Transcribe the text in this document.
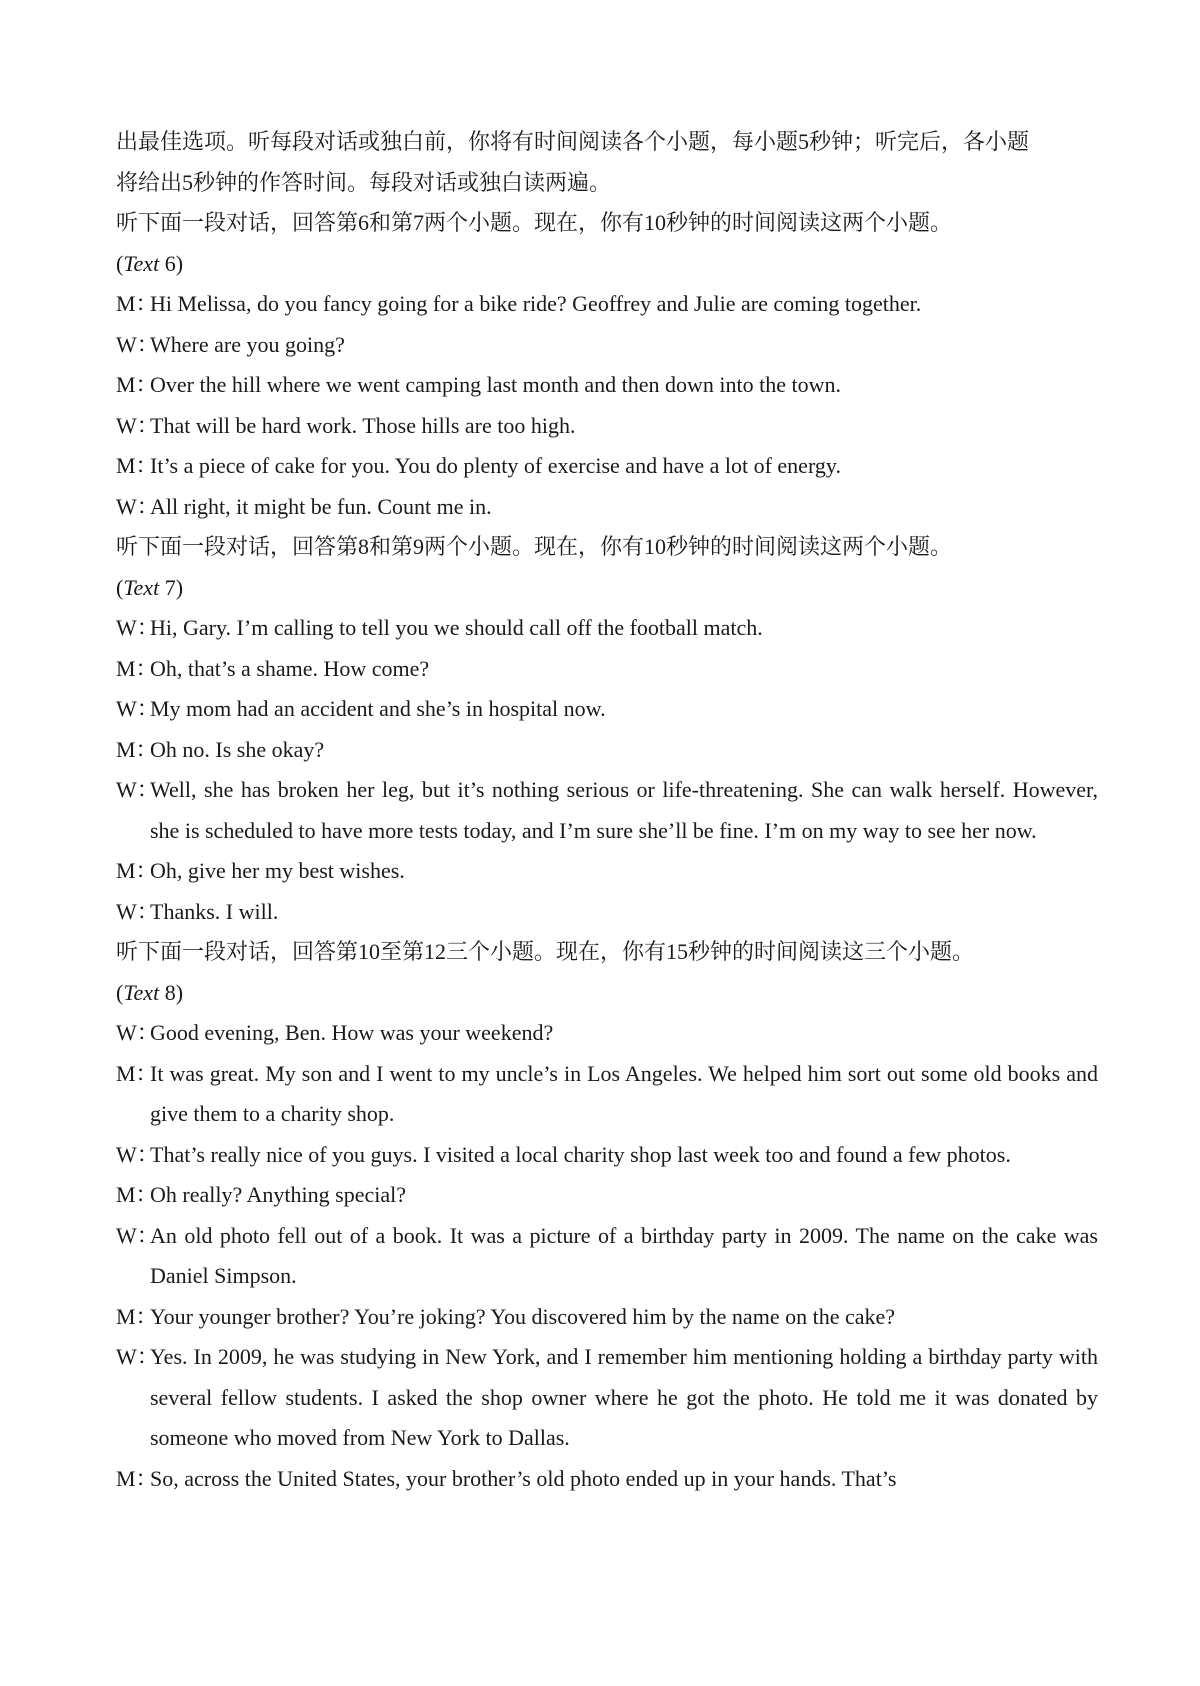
出最佳选项。听每段对话或独白前，你将有时间阅读各个小题，每小题5秒钟；听完后，各小题

将给出5秒钟的作答时间。每段对话或独白读两遍。

听下面一段对话，回答第6和第7两个小题。现在，你有10秒钟的时间阅读这两个小题。

(Text 6)

M：Hi Melissa, do you fancy going for a bike ride? Geoffrey and Julie are coming together.

W：Where are you going?

M：Over the hill where we went camping last month and then down into the town.

W：That will be hard work. Those hills are too high.

M：It’s a piece of cake for you. You do plenty of exercise and have a lot of energy.

W：All right, it might be fun. Count me in.

听下面一段对话，回答第8和第9两个小题。现在，你有10秒钟的时间阅读这两个小题。

(Text 7)

W：Hi, Gary. I’m calling to tell you we should call off the football match.

M：Oh, that’s a shame. How come?

W：My mom had an accident and she’s in hospital now.

M：Oh no. Is she okay?

W：Well, she has broken her leg, but it’s nothing serious or life-threatening. She can walk herself. However, she is scheduled to have more tests today, and I’m sure she’ll be fine. I’m on my way to see her now.

M：Oh, give her my best wishes.

W：Thanks. I will.

听下面一段对话，回答第10至第12三个小题。现在，你有15秒钟的时间阅读这三个小题。

(Text 8)

W：Good evening, Ben. How was your weekend?

M：It was great. My son and I went to my uncle’s in Los Angeles. We helped him sort out some old books and give them to a charity shop.

W：That’s really nice of you guys. I visited a local charity shop last week too and found a few photos.

M：Oh really? Anything special?

W：An old photo fell out of a book. It was a picture of a birthday party in 2009. The name on the cake was Daniel Simpson.

M：Your younger brother? You’re joking? You discovered him by the name on the cake?

W：Yes. In 2009, he was studying in New York, and I remember him mentioning holding a birthday party with several fellow students. I asked the shop owner where he got the photo. He told me it was donated by someone who moved from New York to Dallas.

M：So, across the United States, your brother’s old photo ended up in your hands. That’s
